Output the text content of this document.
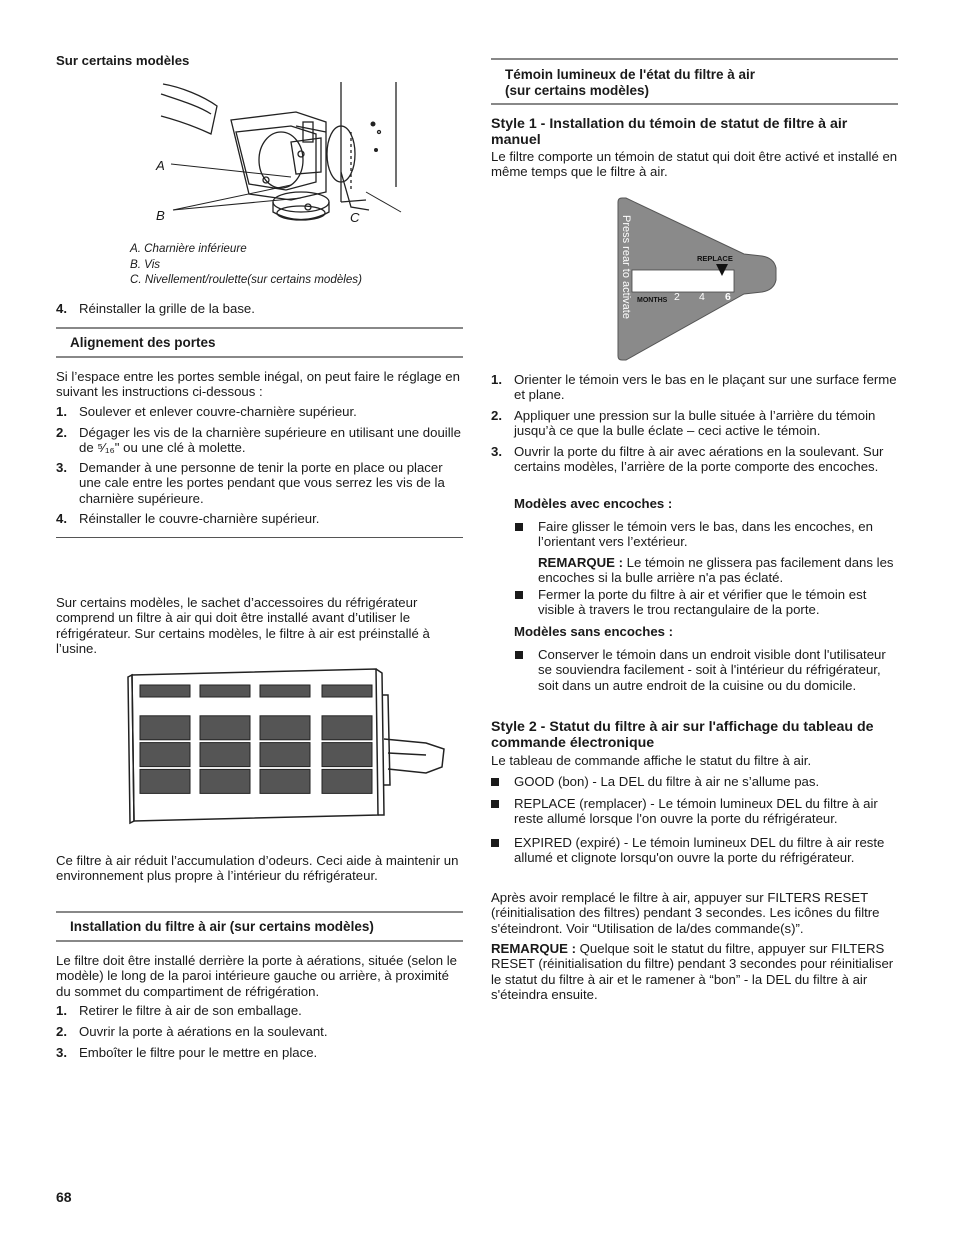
Sur certains modèles

A
B	C

A. Charnière inférieure

B. Vis

C. Nivellement/roulette(sur certains modèles)

4. Réinstaller la grille de la base.

Alignement des portes

Si l’espace entre les portes semble inégal, on peut faire le réglage en suivant les instructions ci-dessous :

1. Soulever et enlever couvre-charnière supérieur.

2. Dégager les vis de la charnière supérieure en utilisant une douille de ⁵⁄₁₆" ou une clé à molette.

3. Demander à une personne de tenir la porte en place ou placer une cale entre les portes pendant que vous serrez les vis de la charnière supérieure.

4. Réinstaller le couvre-charnière supérieur.

Sur certains modèles, le sachet d’accessoires du réfrigérateur comprend un filtre à air qui doit être installé avant d’utiliser le réfrigérateur. Sur certains modèles, le filtre à air est préinstallé à l’usine.

Ce filtre à air réduit l’accumulation d’odeurs. Ceci aide à maintenir un environnement plus propre à l’intérieur du réfrigérateur.

Installation du filtre à air (sur certains modèles)

Le filtre doit être installé derrière la porte à aérations, située (selon le modèle) le long de la paroi intérieure gauche ou arrière, à proximité du sommet du compartiment de réfrigération.

1. Retirer le filtre à air de son emballage.

2. Ouvrir la porte à aérations en la soulevant.

3. Emboîter le filtre pour le mettre en place.

68

Témoin lumineux de l'état du filtre à air

(sur certains modèles)

Style 1 - Installation du témoin de statut de filtre à air manuel

Le filtre comporte un témoin de statut qui doit être activé et installé en même temps que le filtre à air.

Press rear to activate	REPLACE
MONTHS 2 4 6
1. Orienter le témoin vers le bas en le plaçant sur une surface ferme et plane.

2. Appliquer une pression sur la bulle située à l’arrière du témoin jusqu’à ce que la bulle éclate – ceci active le témoin.

3. Ouvrir la porte du filtre à air avec aérations en la soulevant. Sur certains modèles, l’arrière de la porte comporte des encoches.

Modèles avec encoches :

Faire glisser le témoin vers le bas, dans les encoches, en l’orientant vers l’extérieur.

REMARQUE : Le témoin ne glissera pas facilement dans les encoches si la bulle arrière n'a pas éclaté.

Fermer la porte du filtre à air et vérifier que le témoin est visible à travers le trou rectangulaire de la porte.

Modèles sans encoches :

Conserver le témoin dans un endroit visible dont l'utilisateur se souviendra facilement - soit à l'intérieur du réfrigérateur, soit dans un autre endroit de la cuisine ou du domicile.

Style 2 - Statut du filtre à air sur l'affichage du tableau de commande électronique

Le tableau de commande affiche le statut du filtre à air.

GOOD (bon) - La DEL du filtre à air ne s’allume pas.

REPLACE (remplacer) - Le témoin lumineux DEL du filtre à air reste allumé lorsque l'on ouvre la porte du réfrigérateur.

EXPIRED (expiré) - Le témoin lumineux DEL du filtre à air reste allumé et clignote lorsqu'on ouvre la porte du réfrigérateur.

Après avoir remplacé le filtre à air, appuyer sur FILTERS RESET (réinitialisation des filtres) pendant 3 secondes. Les icônes du filtre s'éteindront. Voir “Utilisation de la/des commande(s)”.

REMARQUE : Quelque soit le statut du filtre, appuyer sur FILTERS RESET (réinitialisation du filtre) pendant 3 secondes pour réinitialiser le statut du filtre à air et le ramener à “bon” - la DEL du filtre à air s'éteindra ensuite.
